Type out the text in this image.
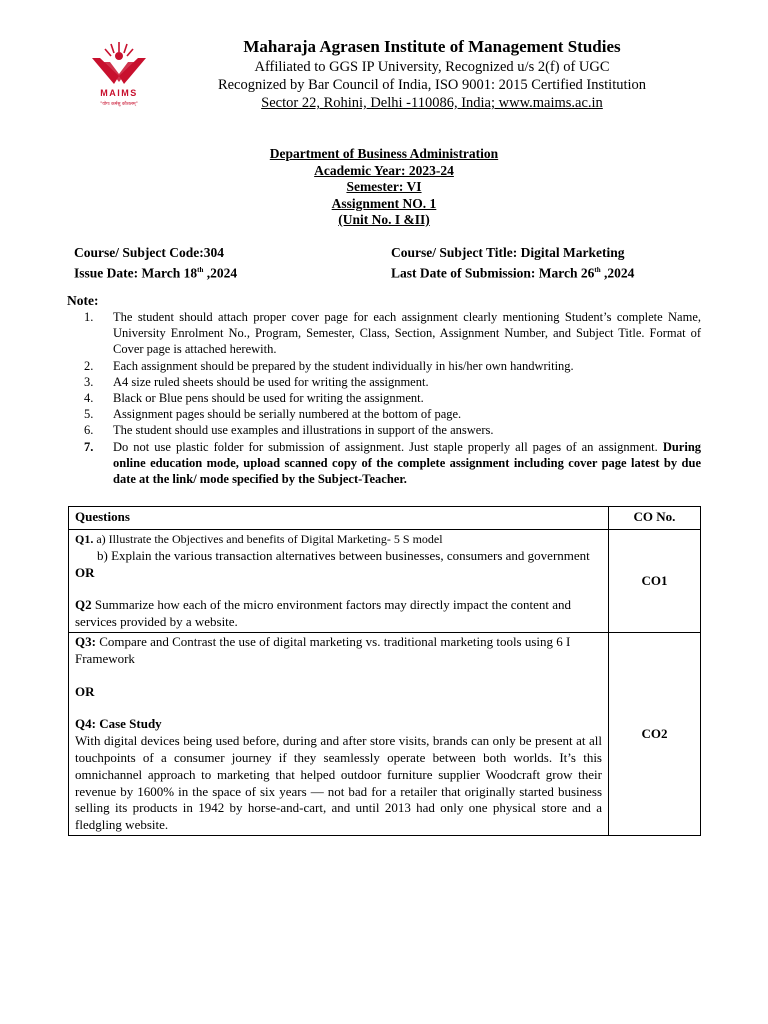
MAIMS
"योगः कर्मसु कौशलम्"

Maharaja Agrasen Institute of Management Studies

Affiliated to GGS IP University, Recognized u/s 2(f) of UGC

Recognized by Bar Council of India, ISO 9001: 2015 Certified Institution

Sector 22, Rohini, Delhi -110086, India; www.maims.ac.in

Department of Business Administration

Academic Year: 2023-24

Semester: VI

Assignment NO. 1

(Unit No. I &II)

Course/ Subject Code:304
Issue Date: March 18th ,2024
Course/ Subject Title: Digital Marketing
Last Date of Submission: March 26th ,2024
Note:
1.	The student should attach proper cover page for each assignment clearly mentioning Student’s complete Name, University Enrolment No., Program, Semester, Class, Section, Assignment Number, and Subject Title. Format of Cover page is attached herewith.
2.	Each assignment should be prepared by the student individually in his/her own handwriting.
3.	A4 size ruled sheets should be used for writing the assignment.
4.	Black or Blue pens should be used for writing the assignment.
5.	Assignment pages should be serially numbered at the bottom of page.
6.	The student should use examples and illustrations in support of the answers.
7.	Do not use plastic folder for submission of assignment. Just staple properly all pages of an assignment. During online education mode, upload scanned copy of the complete assignment including cover page latest by due date at the link/ mode specified by the Subject-Teacher.
Questions	CO No.

Q1. a) Illustrate the Objectives and benefits of Digital Marketing- 5 S model
b) Explain the various transaction alternatives between businesses, consumers and government
OR
Q2 Summarize how each of the micro environment factors may directly impact the content and services provided by a website.	CO1

Q3: Compare and Contrast the use of digital marketing vs. traditional marketing tools using 6 I Framework
OR
Q4: Case Study
With digital devices being used before, during and after store visits, brands can only be present at all touchpoints of a consumer journey if they seamlessly operate between both worlds. It’s this omnichannel approach to marketing that helped outdoor furniture supplier Woodcraft grow their revenue by 1600% in the space of six years — not bad for a retailer that originally started business selling its products in 1942 by horse-and-cart, and until 2013 had only one physical store and a fledgling website.	CO2
